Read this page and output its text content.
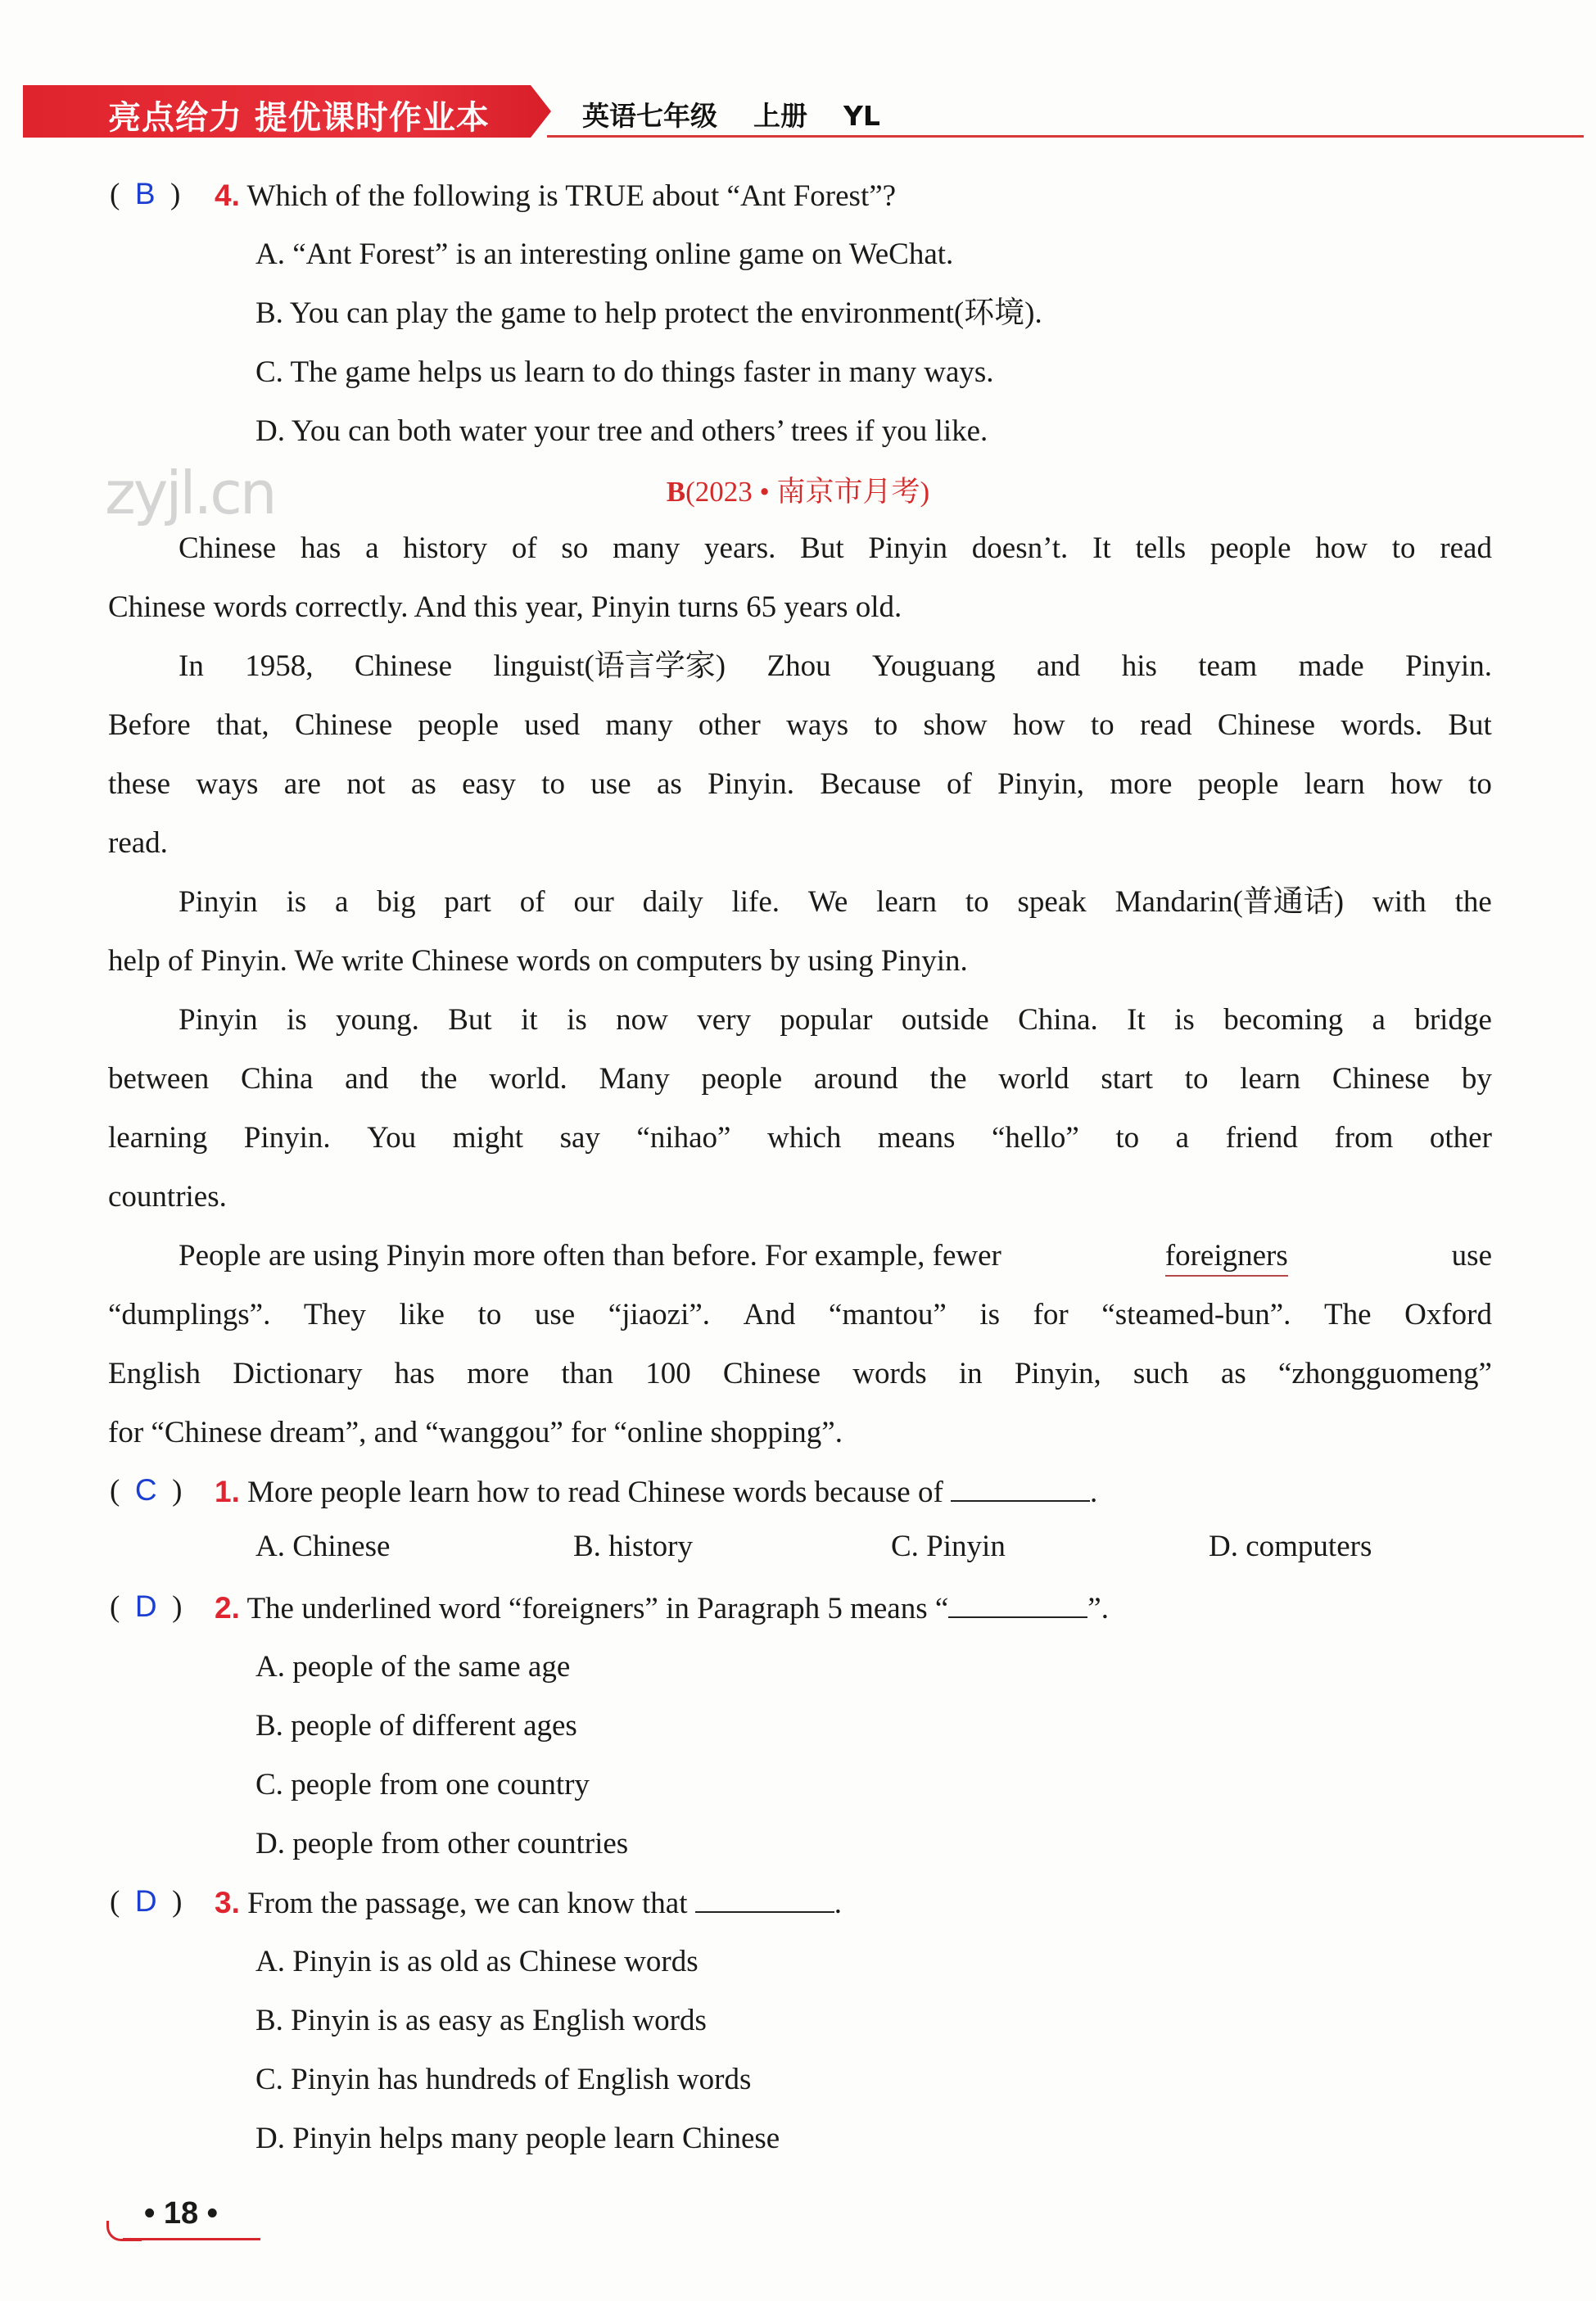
亮点给力 提优课时作业本	英语七年级 上册 YL
(  B  ) 4. Which of the following is TRUE about “Ant Forest”?
A. “Ant Forest” is an interesting online game on WeChat.
B. You can play the game to help protect the environment(环境).
C. The game helps us learn to do things faster in many ways.
D. You can both water your tree and others’ trees if you like.
zyjl.cn	B(2023 • 南京市月考)
Chinese has a history of so many years. But Pinyin doesn’t. It tells people how to read
Chinese words correctly. And this year, Pinyin turns 65 years old.
In 1958, Chinese linguist(语言学家) Zhou Youguang and his team made Pinyin.
Before that, Chinese people used many other ways to show how to read Chinese words. But
these ways are not as easy to use as Pinyin. Because of Pinyin, more people learn how to
read.
Pinyin is a big part of our daily life. We learn to speak Mandarin(普通话) with the
help of Pinyin. We write Chinese words on computers by using Pinyin.
Pinyin is young. But it is now very popular outside China. It is becoming a bridge
between China and the world. Many people around the world start to learn Chinese by
learning Pinyin. You might say “nihao” which means “hello” to a friend from other
countries.
People are using Pinyin more often than before. For example, fewer	foreigners	use
“dumplings”. They like to use “jiaozi”. And “mantou” is for “steamed-bun”. The Oxford
English Dictionary has more than 100 Chinese words in Pinyin, such as “zhongguomeng”
for “Chinese dream”, and “wanggou” for “online shopping”.
(  C  ) 1. More people learn how to read Chinese words because of	.
A. Chinese	B. history	C. Pinyin	D. computers
(  D  ) 2. The underlined word “foreigners” in Paragraph 5 means “	”.
A. people of the same age
B. people of different ages
C. people from one country
D. people from other countries
(  D  ) 3. From the passage, we can know that	.
A. Pinyin is as old as Chinese words
B. Pinyin is as easy as English words
C. Pinyin has hundreds of English words
D. Pinyin helps many people learn Chinese
• 18 •
